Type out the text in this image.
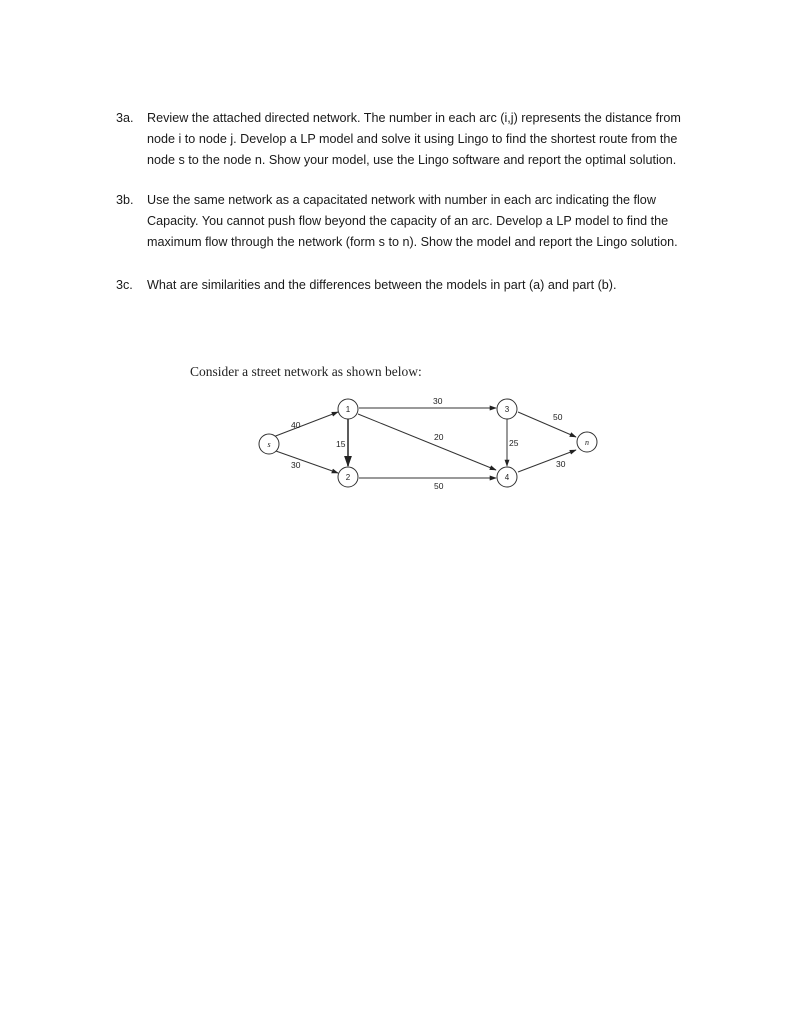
3a. Review the attached directed network. The number in each arc (i,j) represents the distance from
node i to node j. Develop a LP model and solve it using Lingo to find the shortest route from the
node s to the node n. Show your model, use the Lingo software and report the optimal solution.
3b. Use the same network as a capacitated network with number in each arc indicating the flow
Capacity. You cannot push flow beyond the capacity of an arc. Develop a LP model to find the
maximum flow through the network (form s to n). Show the model and report the Lingo solution.
3c. What are similarities and the differences between the models in part (a) and part (b).
Consider a street network as shown below:
40
30
15
30
20
50
25
50
30
s
1
2
3
4
n
